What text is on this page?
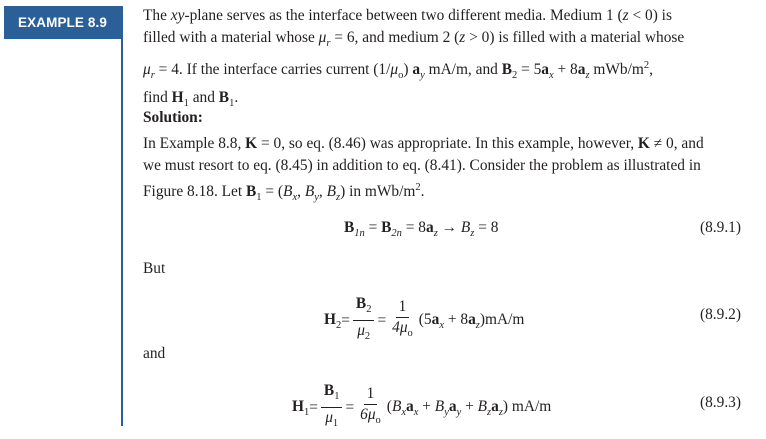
EXAMPLE 8.9 The xy-plane serves as the interface between two different media. Medium 1 (z < 0) is
filled with a material whose $\mu_r = 6$, and medium 2 (z > 0) is filled with a material whose
$\mu_r = 4$. If the interface carries current $(1/\mu_o)$ $a_y$ mA/m, and $B_2 = 5a_x + 8a_z$ mWb/$m^2$,
find $H_1$ and $B_1$.

Solution:

In Example 8.8, K = 0, so eq. (8.46) was appropriate. In this example, however, K ≠ 0, and
we must resort to eq. (8.45) in addition to eq. (8.41). Consider the problem as illustrated in
Figure 8.18. Let $B_1 = (B_x$, $B_y$, $B_z$) in mWb/$m^2$.

$B_{1n} = B_{2n} = 8a_z \to B_z = 8$	(8.9.1)
But
$H_2= \frac{B_2}{\mu_2} = \frac{1}{4\mu_o} (5a_x + 8a_z)mA/m$	(8.9.2)
and
$H_1= \frac{B_1}{\mu_1} = \frac{1}{6\mu_o} (B_xa_x + B_ya_y + B_za_z)$ mA/m	(8.9.3)
